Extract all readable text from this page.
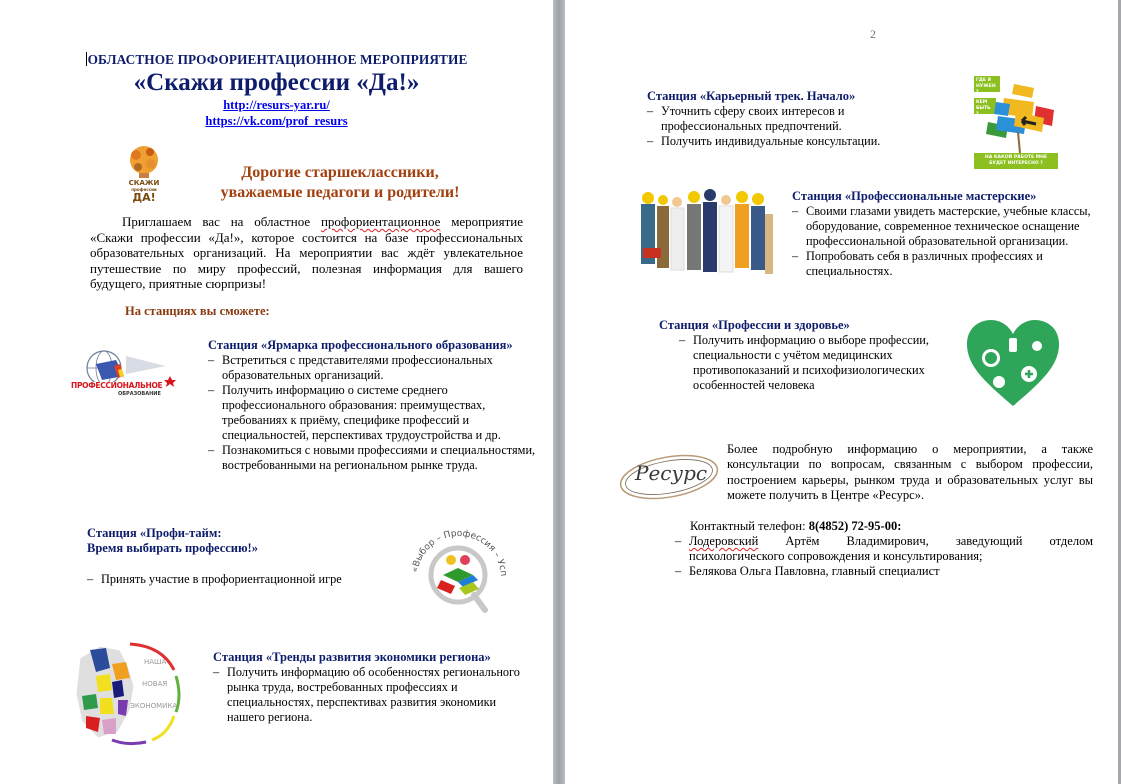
ОБЛАСТНОЕ ПРОФОРИЕНТАЦИОННОЕ МЕРОПРИЯТИЕ
«Скажи профессии «Да!»
http://resurs-yar.ru/
https://vk.com/prof_resurs
СКАЖИ
профессии
ДА!
Дорогие старшеклассники,
уважаемые педагоги и родители!
Приглашаем вас на областное профориентационное мероприятие «Скажи профессии «Да!», которое состоится на базе профессиональных образовательных организаций. На мероприятии вас ждёт увлекательное путешествие по миру профессий, полезная информация для вашего будущего, приятные сюрпризы!
На станциях вы сможете:
ПРОФЕССИОНАЛЬНОЕ
ОБРАЗОВАНИЕ
Станция «Ярмарка профессионального образования»
– Встретиться с представителями профессиональных образовательных организаций.
– Получить информацию о системе среднего профессионального образования: преимуществах, требованиях к приёму, специфике профессий и специальностей, перспективах трудоустройства и др.
– Познакомиться с новыми профессиями и специальностями, востребованными на региональном рынке труда.
Станция «Профи-тайм:
Время выбирать профессию!»
– Принять участие в профориентационной игре
«Выбор – Профессия – Усп
НАША
НОВАЯ
ЭКОНОМИКА
Станция «Тренды развития экономики региона»
– Получить информацию об особенностях регионального рынка труда, востребованных профессиях и специальностях, перспективах развития экономики нашего региона.
2
Станция «Карьерный трек. Начало»
– Уточнить сферу своих интересов и профессиональных предпочтений.
– Получить индивидуальные консультации.
ГДЕ Я НУЖЕН ?
КЕМ БЫТЬ ?
НА КАКОЙ РАБОТЕ МНЕ БУДЕТ ИНТЕРЕСНО ?
Станция «Профессиональные мастерские»
– Своими глазами увидеть мастерские, учебные классы, оборудование, современное техническое оснащение профессиональной образовательной организации.
– Попробовать себя в различных профессиях и специальностях.
Станция «Профессии и здоровье»
– Получить информацию о выборе профессии, специальности с учётом медицинских противопоказаний и психофизиологических особенностей человека
Ресурс
Более подробную информацию о мероприятии, а также консультации по вопросам, связанным с выбором профессии, построением карьеры, рынком труда и образовательных услуг вы можете получить в Центре «Ресурс».
Контактный телефон: 8(4852) 72-95-00:
– Лодеровский Артём Владимирович, заведующий отделом психологического сопровождения и консультирования;
– Белякова Ольга Павловна, главный специалист
